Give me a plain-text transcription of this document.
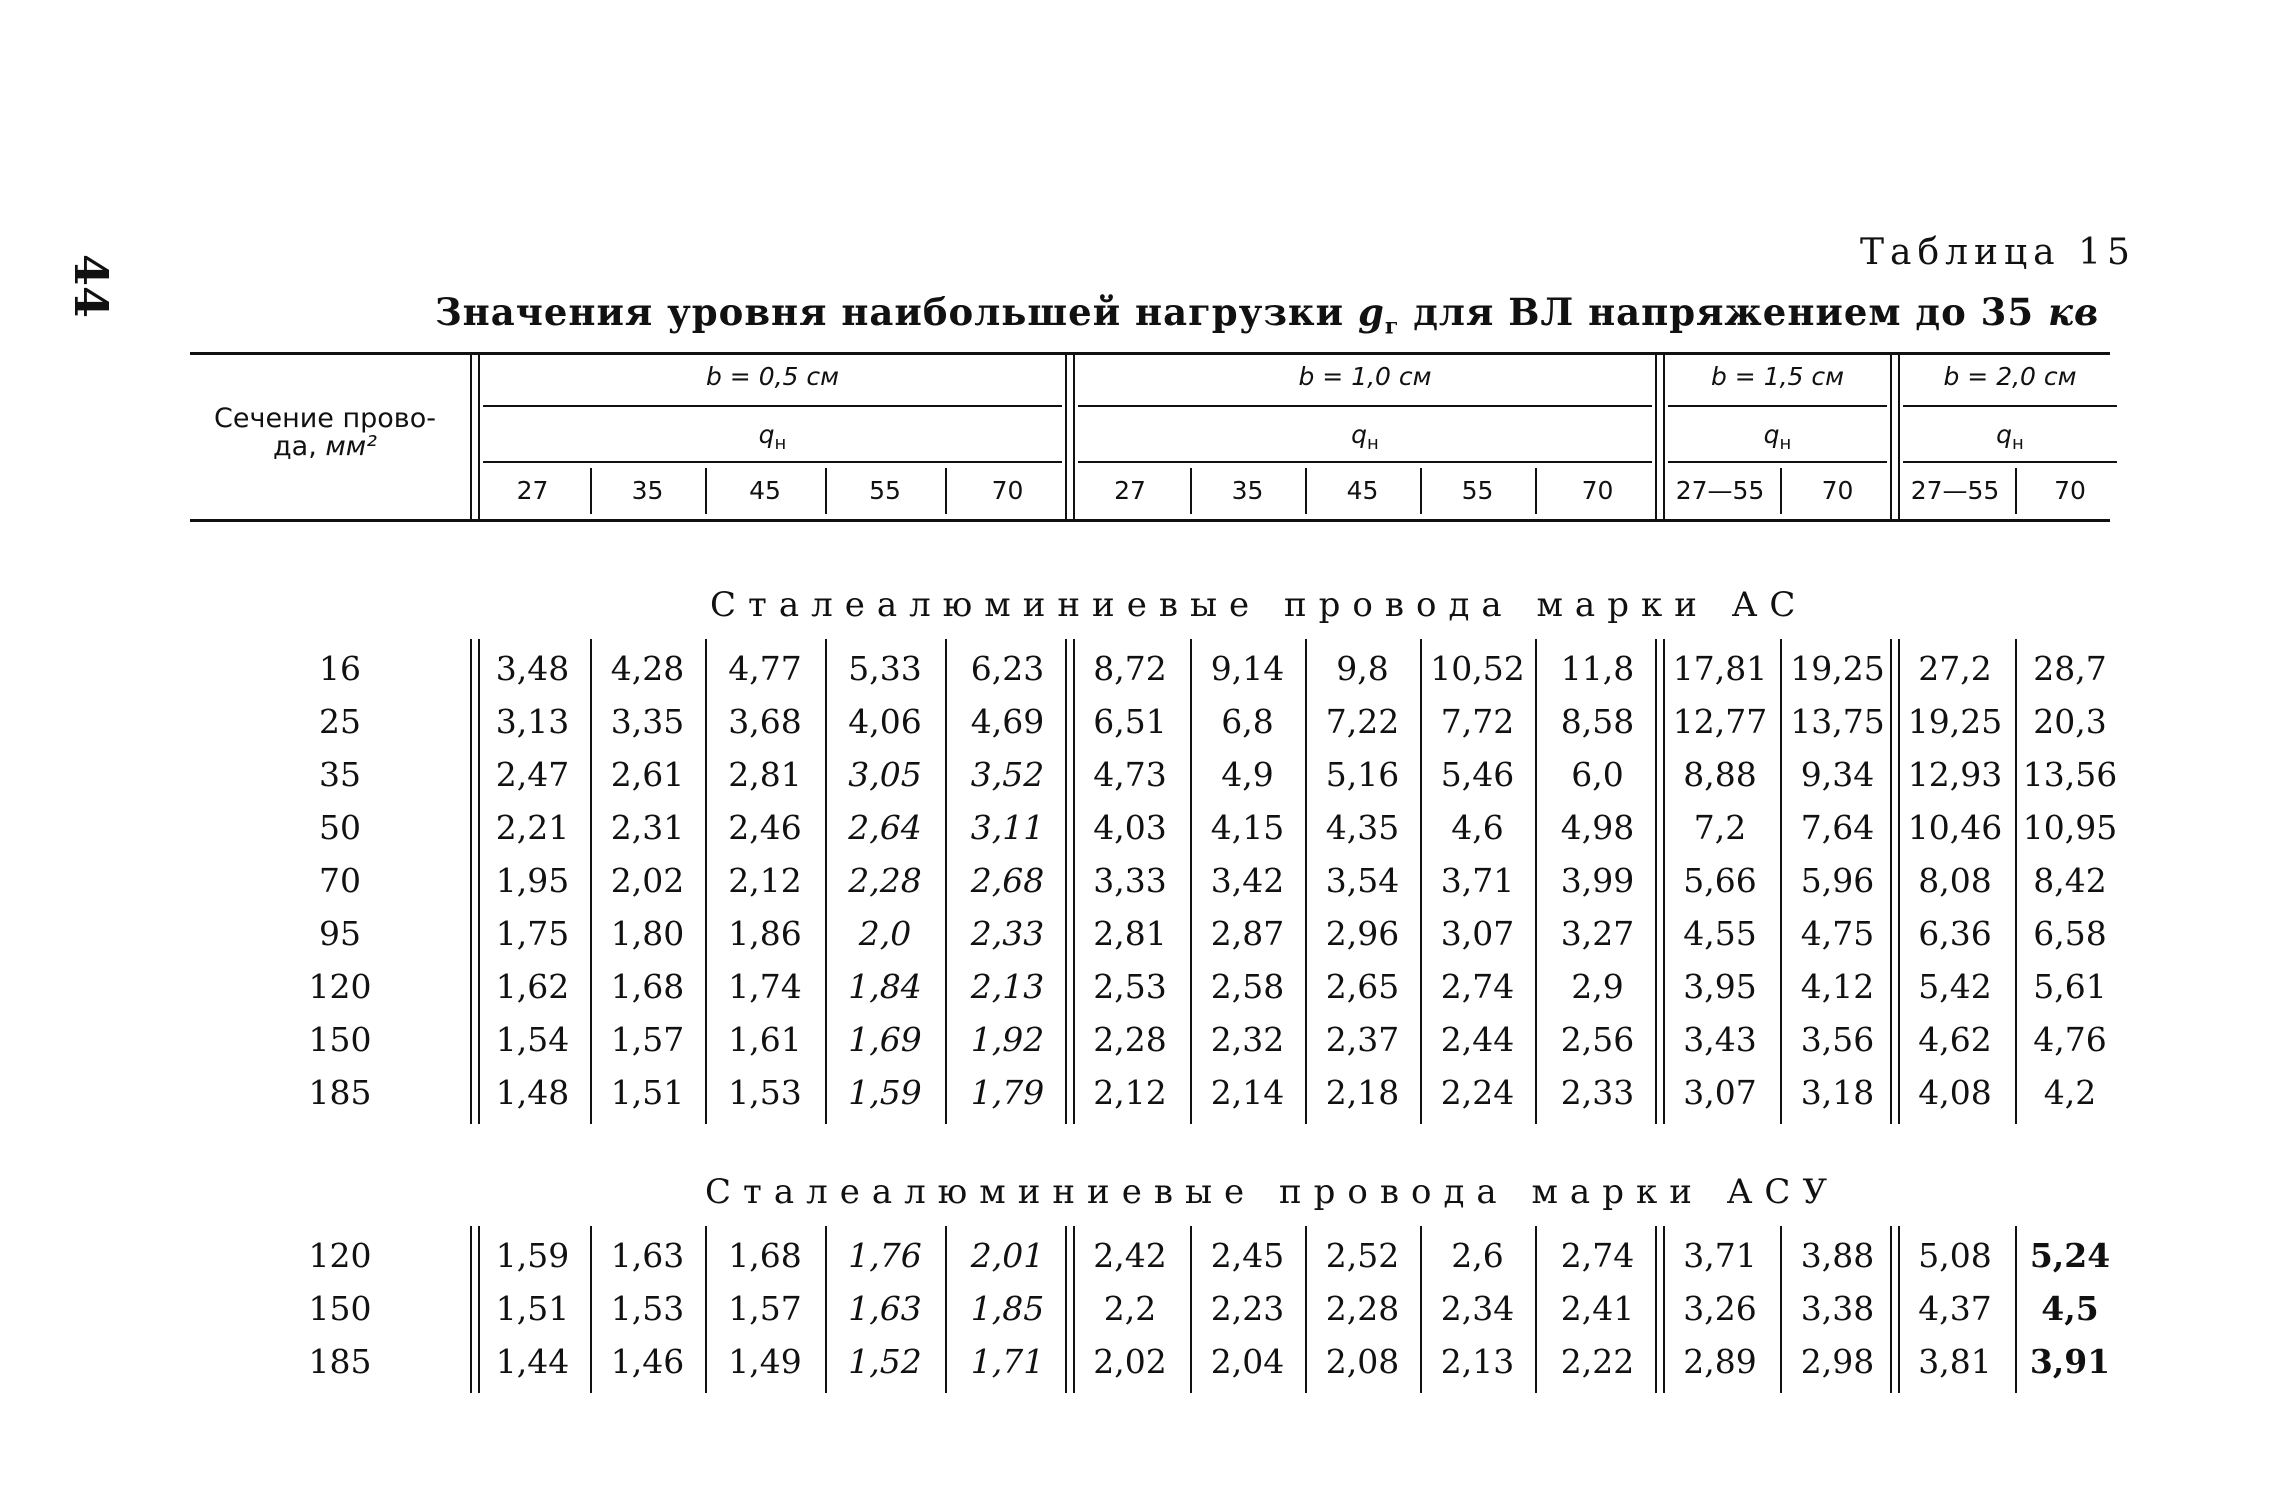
44
Таблица 15
Значения уровня наибольшей нагрузки $g_г$ для ВЛ напряжением до 35 кв
Сечение прово-
да, мм²
b = 0,5 см
$q_н$
27	35	45	55	70
b = 1,0 см
$q_н$
27	35	45	55	70
b = 1,5 см
$q_н$
27—55	70
b = 2,0 см
$q_н$
27—55	70
Сталеалюминиевые провода марки АС
16	3,48	4,28	4,77	5,33	6,23	8,72	9,14	9,8	10,52	11,8	17,81 19,25	27,2	28,7
25	3,13	3,35	3,68	4,06	4,69	6,51	6,8	7,22	7,72	8,58	12,77 13,75 19,25 20,3
35	2,47	2,61	2,81	3,05	3,52	4,73	4,9	5,16	5,46	6,0	8,88	9,34	12,93 13,56
50	2,21	2,31	2,46	2,64	3,11	4,03	4,15	4,35	4,6	4,98	7,2	7,64	10,46 10,95
70	1,95	2,02	2,12	2,28	2,68	3,33	3,42	3,54	3,71	3,99	5,66	5,96	8,08	8,42
95	1,75	1,80	1,86	2,0	2,33	2,81	2,87	2,96	3,07	3,27	4,55	4,75	6,36	6,58
120	1,62	1,68	1,74	1,84	2,13	2,53	2,58	2,65	2,74	2,9	3,95	4,12	5,42	5,61
150	1,54	1,57	1,61	1,69	1,92	2,28	2,32	2,37	2,44	2,56	3,43	3,56	4,62	4,76
185	1,48	1,51	1,53	1,59	1,79	2,12	2,14	2,18	2,24	2,33	3,07	3,18	4,08	4,2
Сталеалюминиевые провода марки АСУ
120	1,59	1,63	1,68	1,76	2,01	2,42	2,45	2,52	2,6	2,74	3,71	3,88	5,08	5,24
150	1,51	1,53	1,57	1,63	1,85	2,2	2,23	2,28	2,34	2,41	3,26	3,38	4,37	4,5
185	1,44	1,46	1,49	1,52	1,71	2,02	2,04	2,08	2,13	2,22	2,89	2,98	3,81	3,91
